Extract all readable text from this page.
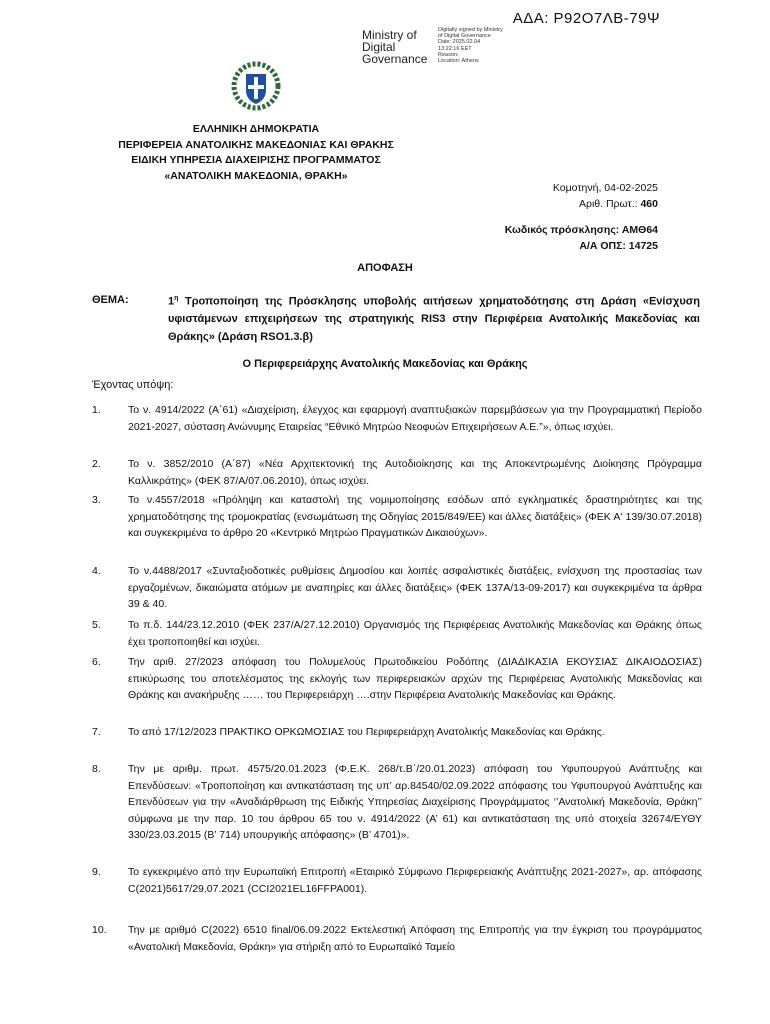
ΑΔΑ: Ρ92Ο7ΛΒ-79Ψ
Ministry of
Digital
Governance
Digitally signed by Ministry
of Digital Governance
Date: 2025.02.04
13:22:16 EET
Reason:
Location: Athens
ΕΛΛΗΝΙΚΗ ΔΗΜΟΚΡΑΤΙΑ
ΠΕΡΙΦΕΡΕΙΑ ΑΝΑΤΟΛΙΚΗΣ ΜΑΚΕΔΟΝΙΑΣ ΚΑΙ ΘΡΑΚΗΣ
ΕΙΔΙΚΗ ΥΠΗΡΕΣΙΑ ΔΙΑΧΕΙΡΙΣΗΣ ΠΡΟΓΡΑΜΜΑΤΟΣ
«ΑΝΑΤΟΛΙΚΗ ΜΑΚΕΔΟΝΙΑ, ΘΡΑΚΗ»
Κομοτηνή, 04-02-2025
Αριθ. Πρωτ.: 460
Κωδικός πρόσκλησης: ΑΜΘ64
Α/Α ΟΠΣ: 14725
ΑΠΟΦΑΣΗ
ΘΕΜΑ:	$1^\eta$ Τροποποίηση της Πρόσκλησης υποβολής αιτήσεων χρηματοδότησης στη Δράση «Ενίσχυση υφιστάμενων επιχειρήσεων της στρατηγικής RIS3 στην Περιφέρεια Ανατολικής Μακεδονίας και Θράκης» (Δράση RSO1.3.β)
Ο Περιφερειάρχης Ανατολικής Μακεδονίας και Θράκης
Έχοντας υπόψη:
1.	Το ν. 4914/2022 (Α΄61) «Διαχείριση, έλεγχος και εφαρμογή αναπτυξιακών παρεμβάσεων για την Προγραμματική Περίοδο 2021-2027, σύσταση Ανώνυμης Εταιρείας “Εθνικό Μητρώο Νεοφυών Επιχειρήσεων Α.Ε.”», όπως ισχύει.
2.	Το ν. 3852/2010 (Α΄87) «Νέα Αρχιτεκτονική της Αυτοδιοίκησης και της Αποκεντρωμένης Διοίκησης Πρόγραμμα Καλλικράτης» (ΦΕΚ 87/Α/07.06.2010), όπως ισχύει.
3.	Το ν.4557/2018 «Πρόληψη και καταστολή της νομιμοποίησης εσόδων από εγκληματικές δραστηριότητες και της χρηματοδότησης της τρομοκρατίας (ενσωμάτωση της Οδηγίας 2015/849/ΕΕ) και άλλες διατάξεις» (ΦΕΚ Α' 139/30.07.2018) και συγκεκριμένα το άρθρο 20 «Κεντρικό Μητρώο Πραγματικών Δικαιούχων».
4.	Το ν.4488/2017 «Συνταξιοδοτικές ρυθμίσεις Δημοσίου και λοιπές ασφαλιστικές διατάξεις, ενίσχυση της προστασίας των εργαζομένων, δικαιώματα ατόμων με αναπηρίες και άλλες διατάξεις» (ΦΕΚ 137Α/13-09-2017) και συγκεκριμένα τα άρθρα 39 & 40.
5.	Το π.δ. 144/23.12.2010 (ΦΕΚ 237/Α/27.12.2010) Οργανισμός της Περιφέρειας Ανατολικής Μακεδονίας και Θράκης όπως έχει τροποποιηθεί και ισχύει.
6.	Την αριθ. 27/2023 απόφαση του Πολυμελούς Πρωτοδικείου Ροδόπης (ΔΙΑΔΙΚΑΣΙΑ ΕΚΟΥΣΙΑΣ ΔΙΚΑΙΟΔΟΣΙΑΣ) επικύρωσης του αποτελέσματος της εκλογής των περιφερειακών αρχών της Περιφέρειας Ανατολικής Μακεδονίας και Θράκης και ανακήρυξης …… του Περιφερειάρχη ….στην Περιφέρεια Ανατολικής Μακεδονίας και Θράκης.
7.	Το από 17/12/2023 ΠΡΑΚΤΙΚΟ ΟΡΚΩΜΟΣΙΑΣ του Περιφερειάρχη Ανατολικής Μακεδονίας και Θράκης.
8.	Την με αριθμ. πρωτ. 4575/20.01.2023 (Φ.Ε.Κ. 268/τ.Β΄/20.01.2023) απόφαση του Υφυπουργού Ανάπτυξης και Επενδύσεων: «Τροποποίηση και αντικατάσταση της υπ’ αρ.84540/02.09.2022 απόφασης του Υφυπουργού Ανάπτυξης και Επενδύσεων για την «Αναδιάρθρωση της Ειδικής Υπηρεσίας Διαχείρισης Προγράμματος ‘’Ανατολική Μακεδονία, Θράκη’’ σύμφωνα με την παρ. 10 του άρθρου 65 του ν. 4914/2022 (Α’ 61) και αντικατάσταση της υπό στοιχεία 32674/ΕΥΘΥ 330/23.03.2015 (Β’ 714) υπουργικής απόφασης» (Β’ 4701)».
9.	Το εγκεκριμένο από την Ευρωπαϊκή Επιτροπή «Εταιρικό Σύμφωνο Περιφερειακής Ανάπτυξης 2021-2027», αρ. απόφασης C(2021)5617/29.07.2021 (CCI2021EL16FFPA001).
10. Την με αριθμό C(2022) 6510 final/06.09.2022 Εκτελεστική Απόφαση της Επιτροπής για την έγκριση του προγράμματος «Ανατολική Μακεδονία, Θράκη» για στήριξη από το Ευρωπαϊκό Ταμείο
